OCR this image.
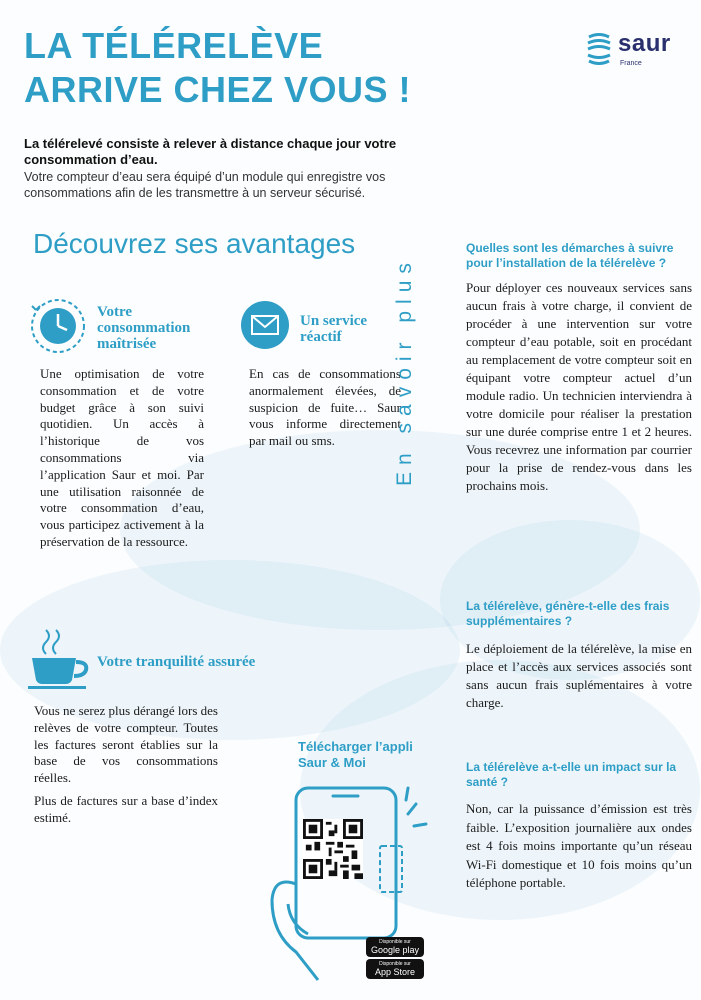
LA TÉLÉRELÈVE
ARRIVE CHEZ VOUS !
saur
France
La télérelevé consiste à relever à distance chaque jour votre consommation d’eau.
Votre compteur d’eau sera équipé d’un module qui enregistre vos consommations afin de les transmettre à un serveur sécurisé.
Découvrez ses avantages
Votre consommation maîtrisée
Une optimisation de votre consommation et de votre budget grâce à son suivi quotidien. Un accès à l’historique de vos consommations via l’application Saur et moi. Par une utilisation raisonnée de votre consommation d’eau, vous participez activement à la préservation de la ressource.
Un service réactif
En cas de consommations anormalement élevées, de suspicion de fuite… Saur vous informe directement par mail ou sms.
Votre tranquilité assurée
Vous ne serez plus dérangé lors des relèves de votre compteur. Toutes les factures seront établies sur la base de vos consommations réelles.
Plus de factures sur a base d’index estimé.
En savoir plus
Quelles sont les démarches à suivre pour l’installation de la télérelève ?
Pour déployer ces nouveaux services sans aucun frais à votre charge, il convient de procéder à une intervention sur votre compteur d’eau potable, soit en procédant au remplacement de votre compteur soit en équipant votre compteur actuel d’un module radio. Un technicien interviendra à votre domicile pour réaliser la prestation sur une durée comprise entre 1 et 2 heures. Vous recevrez une information par courrier pour la prise de rendez-vous dans les prochains mois.
La télérelève, génère-t-elle des frais supplémentaires ?
Le déploiement de la télérelève, la mise en place et l’accès aux services associés sont sans aucun frais suplémentaires à votre charge.
La télérelève a-t-elle un impact sur la santé ?
Non, car la puissance d’émission est très faible. L’exposition journalière aux ondes est 4 fois moins importante qu’un réseau Wi-Fi domestique et 10 fois moins qu’un téléphone portable.
Télécharger l’appli Saur & Moi
Disponible sur
Google play
Disponible sur
App Store
